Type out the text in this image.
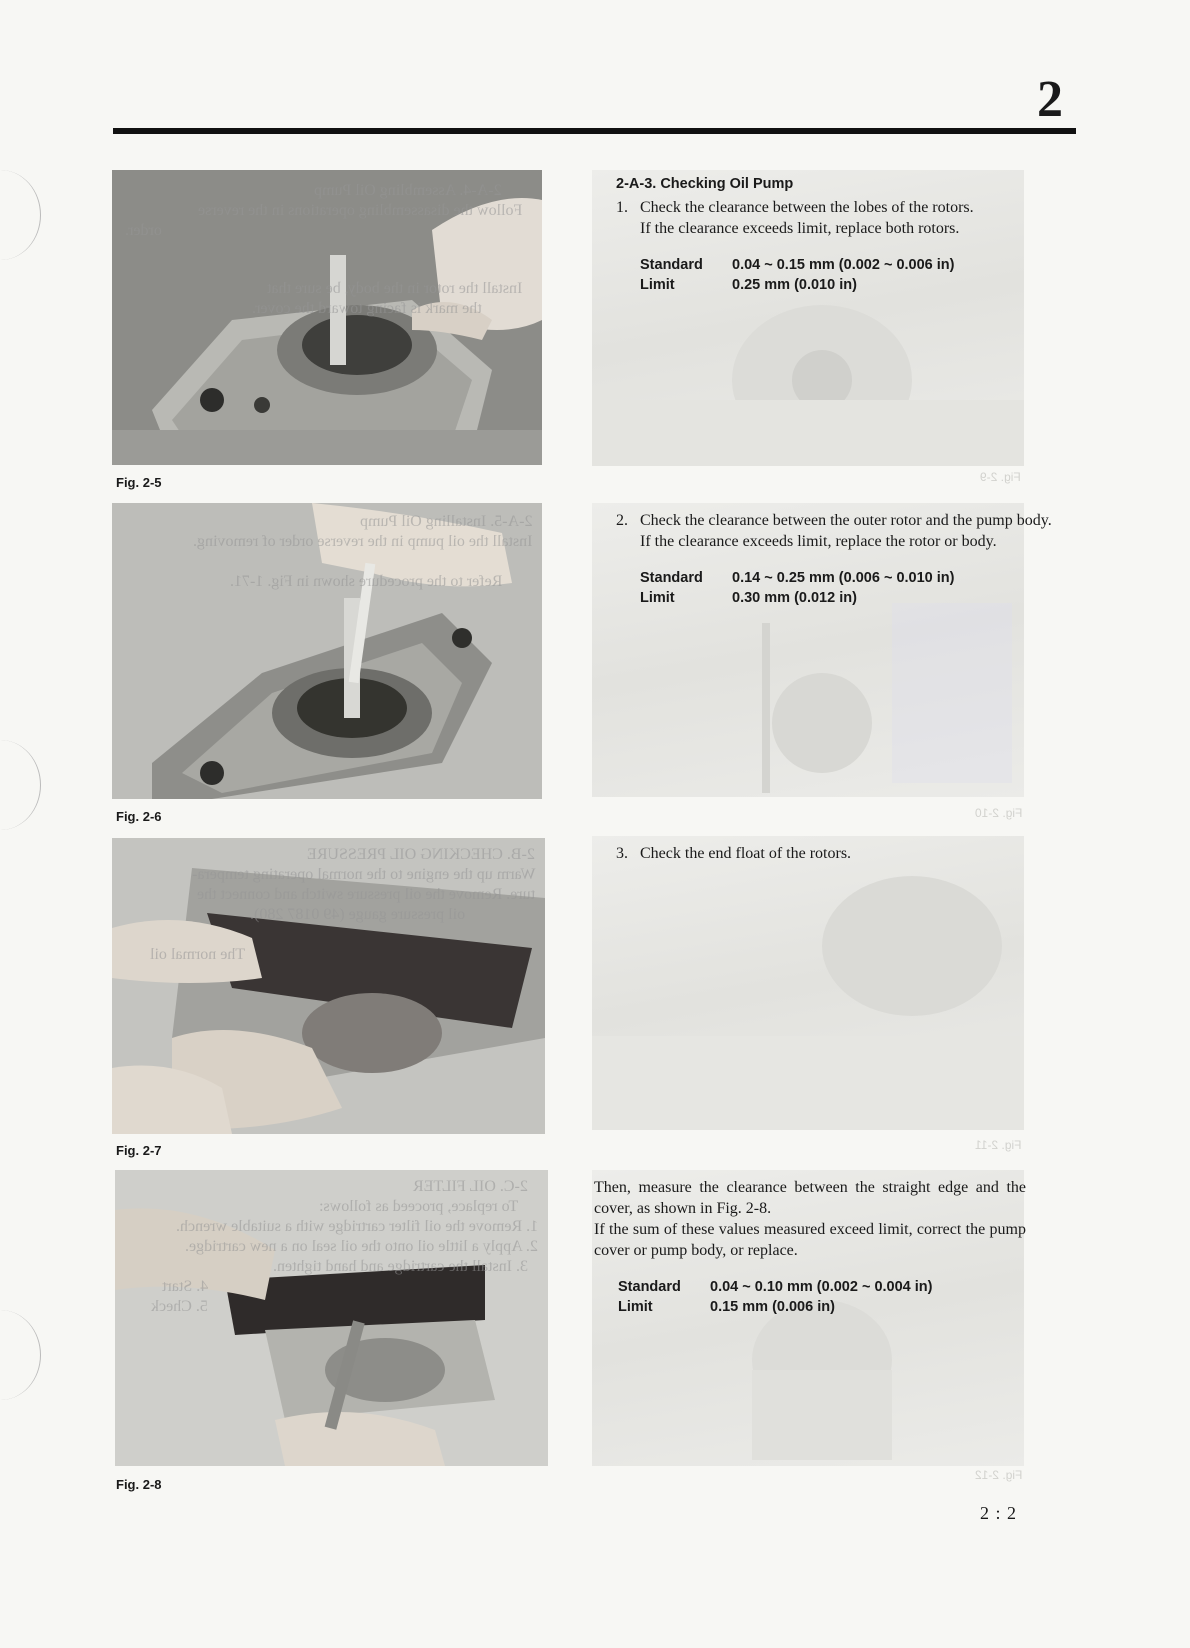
2
Fig. 2-9
Fig. 2-10
Fig. 2-11
Fig. 2-12
2-A-4. Assembling Oil Pump
Follow the disassembling operations in the reverse
order.
Install the rotor in the body, be sure that
the mark is facing toward the cover.
Fig. 2-5
2-A-5. Installing Oil Pump
Install the oil pump in the reverse order of removing.
Refer to the procedure shown in Fig. 1-71.
Fig. 2-6
2-B. CHECKING OIL PRESSURE
Warm up the engine to the normal operating tempera-
ture. Remove the oil pressure switch and connect the
oil pressure gauge (49 0187 280).
The normal oil
Fig. 2-7
2-C. OIL FILTER
To replace, proceed as follows:
1. Remove the oil filter cartridge with a suitable wrench.
2. Apply a little oil onto the oil seal on a new cartridge.
3. Install the cartridge and hand tighten.
4. Start
5. Check
Fig. 2-8
2-A-3. Checking Oil Pump
1. Check the clearance between the lobes of the rotors.

If the clearance exceeds limit, replace both rotors.

Standard	0.04 ~ 0.15 mm (0.002 ~ 0.006 in)
Limit	0.25 mm (0.010 in)
2. Check the clearance between the outer rotor and the pump body.

If the clearance exceeds limit, replace the rotor or body.

Standard	0.14 ~ 0.25 mm (0.006 ~ 0.010 in)
Limit	0.30 mm (0.012 in)
3. Check the end float of the rotors.

Then, measure the clearance between the straight edge and the cover, as shown in Fig. 2-8.

If the sum of these values measured exceed limit, correct the pump cover or pump body, or replace.

Standard	0.04 ~ 0.10 mm (0.002 ~ 0.004 in)
Limit	0.15 mm (0.006 in)
2 : 2
